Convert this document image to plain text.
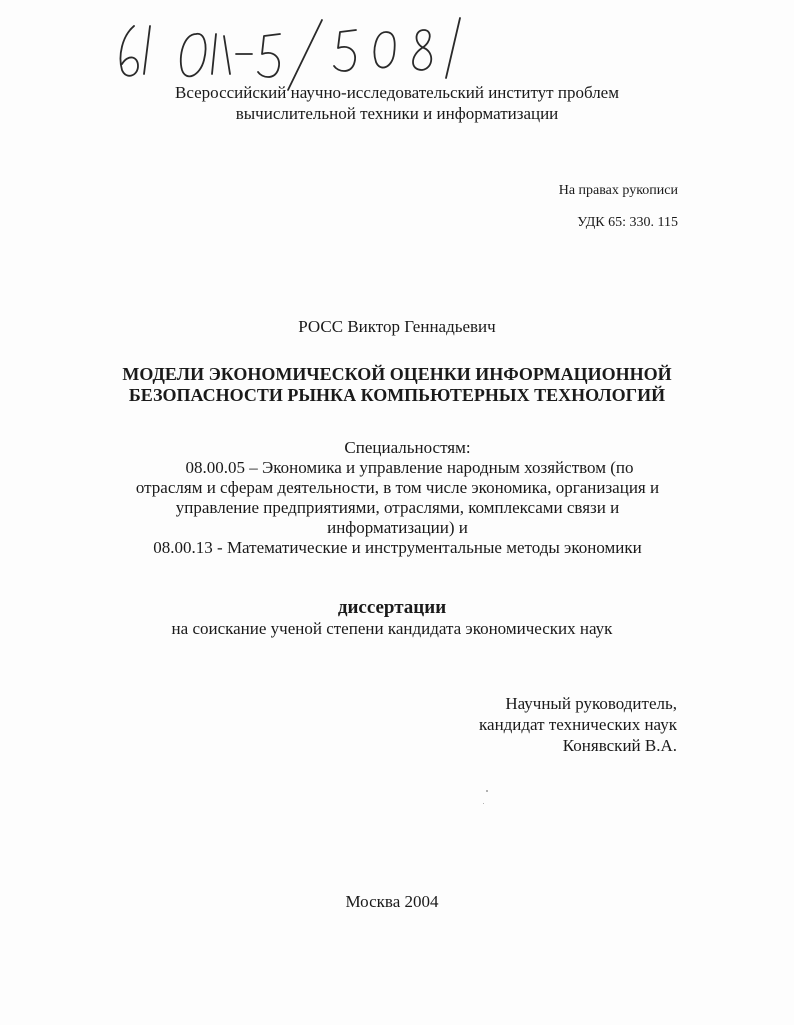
Всероссийский научно-исследовательский институт проблем
вычислительной техники и информатизации
На правах рукописи
УДК 65: 330. 115
РОСС Виктор Геннадьевич
МОДЕЛИ ЭКОНОМИЧЕСКОЙ ОЦЕНКИ ИНФОРМАЦИОННОЙ
БЕЗОПАСНОСТИ РЫНКА КОМПЬЮТЕРНЫХ ТЕХНОЛОГИЙ
Специальностям:
08.00.05 – Экономика и управление народным хозяйством (по
отраслям и сферам деятельности, в том числе экономика, организация и
управление предприятиями, отраслями, комплексами связи и
информатизации) и
08.00.13 - Математические и инструментальные методы экономики
диссертации
на соискание ученой степени кандидата экономических наук
Научный руководитель,
кандидат технических наук
Конявский В.А.
Москва 2004
